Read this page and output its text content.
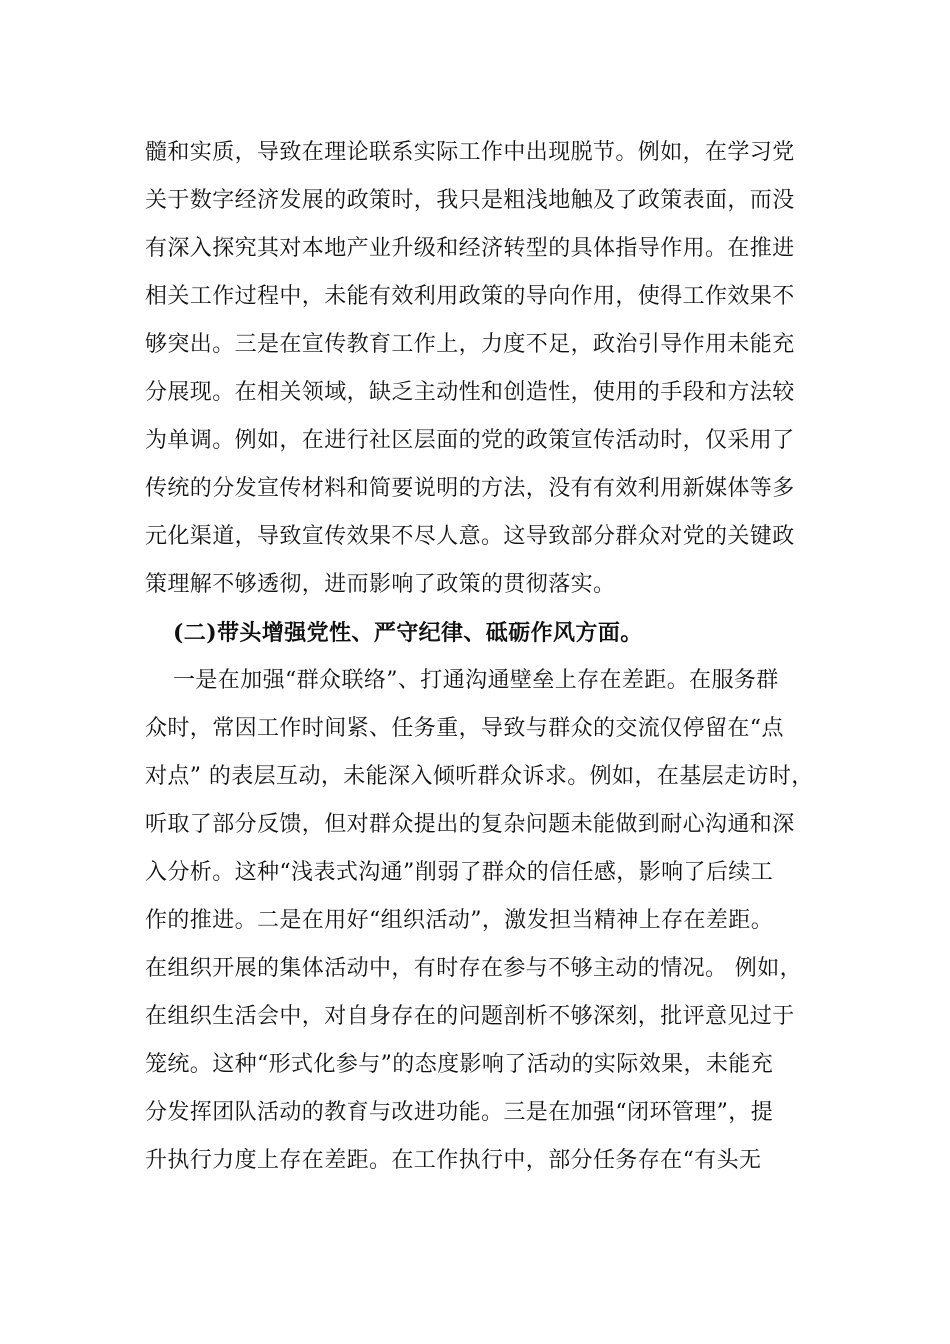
髓和实质，导致在理论联系实际工作中出现脱节。例如，在学习党
关于数字经济发展的政策时，我只是粗浅地触及了政策表面，而没
有深入探究其对本地产业升级和经济转型的具体指导作用。在推进
相关工作过程中，未能有效利用政策的导向作用，使得工作效果不
够突出。三是在宣传教育工作上，力度不足，政治引导作用未能充
分展现。在相关领域，缺乏主动性和创造性，使用的手段和方法较
为单调。例如，在进行社区层面的党的政策宣传活动时，仅采用了
传统的分发宣传材料和简要说明的方法，没有有效利用新媒体等多
元化渠道，导致宣传效果不尽人意。这导致部分群众对党的关键政
策理解不够透彻，进而影响了政策的贯彻落实。
(二)带头增强党性、严守纪律、砥砺作风方面。
一是在加强“群众联络”、打通沟通壁垒上存在差距。在服务群
众时，常因工作时间紧、任务重，导致与群众的交流仅停留在“点
对点” 的表层互动，未能深入倾听群众诉求。例如，在基层走访时，
听取了部分反馈，但对群众提出的复杂问题未能做到耐心沟通和深
入分析。这种“浅表式沟通”削弱了群众的信任感，影响了后续工
作的推进。二是在用好“组织活动”，激发担当精神上存在差距。
在组织开展的集体活动中，有时存在参与不够主动的情况。 例如，
在组织生活会中，对自身存在的问题剖析不够深刻，批评意见过于
笼统。这种“形式化参与”的态度影响了活动的实际效果，未能充
分发挥团队活动的教育与改进功能。三是在加强“闭环管理”，提
升执行力度上存在差距。在工作执行中，部分任务存在“有头无
